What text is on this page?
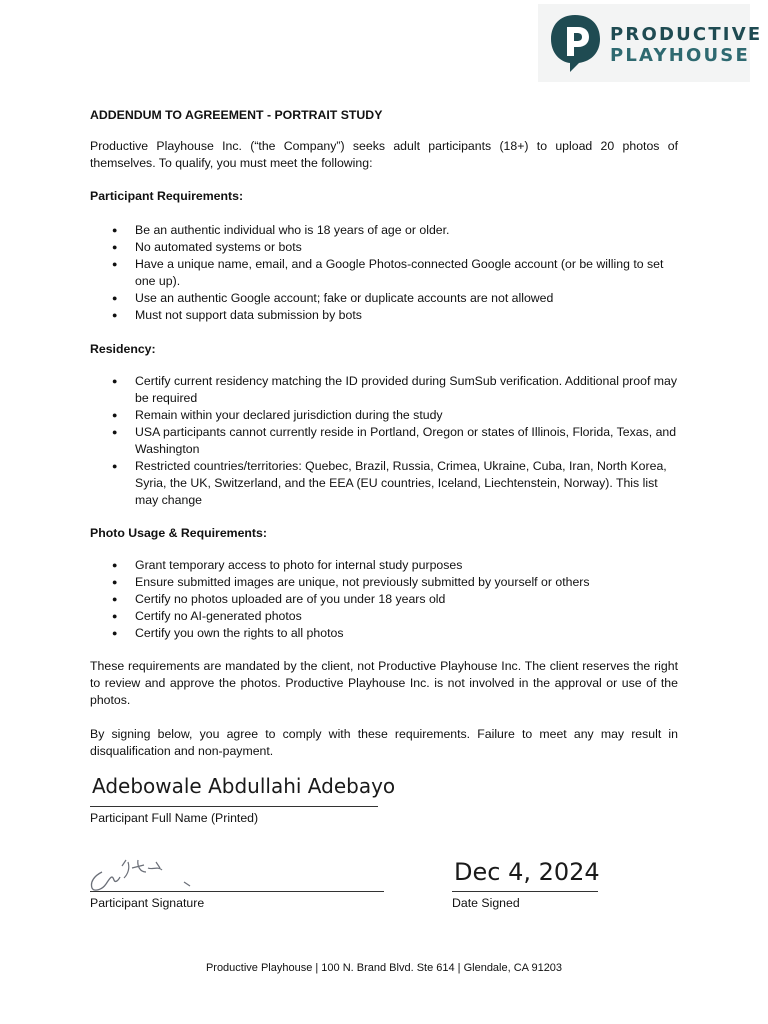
PRODUCTIVE
PLAYHOUSE
ADDENDUM TO AGREEMENT - PORTRAIT STUDY
Productive Playhouse Inc. (“the Company”) seeks adult participants (18+) to upload 20 photos of themselves. To qualify, you must meet the following:
Participant Requirements:
● Be an authentic individual who is 18 years of age or older.
● No automated systems or bots
● Have a unique name, email, and a Google Photos-connected Google account (or be willing to set one up).
● Use an authentic Google account; fake or duplicate accounts are not allowed
● Must not support data submission by bots
Residency:
● Certify current residency matching the ID provided during SumSub verification. Additional proof may be required
● Remain within your declared jurisdiction during the study
● USA participants cannot currently reside in Portland, Oregon or states of Illinois, Florida, Texas, and Washington
● Restricted countries/territories: Quebec, Brazil, Russia, Crimea, Ukraine, Cuba, Iran, North Korea, Syria, the UK, Switzerland, and the EEA (EU countries, Iceland, Liechtenstein, Norway). This list may change
Photo Usage & Requirements:
● Grant temporary access to photo for internal study purposes
● Ensure submitted images are unique, not previously submitted by yourself or others
● Certify no photos uploaded are of you under 18 years old
● Certify no AI-generated photos
● Certify you own the rights to all photos
These requirements are mandated by the client, not Productive Playhouse Inc. The client reserves the right to review and approve the photos. Productive Playhouse Inc. is not involved in the approval or use of the photos.
By signing below, you agree to comply with these requirements. Failure to meet any may result in disqualification and non-payment.
Adebowale Abdullahi Adebayo
Participant Full Name (Printed)
Participant Signature
Dec 4, 2024
Date Signed
Productive Playhouse | 100 N. Brand Blvd. Ste 614 | Glendale, CA 91203
